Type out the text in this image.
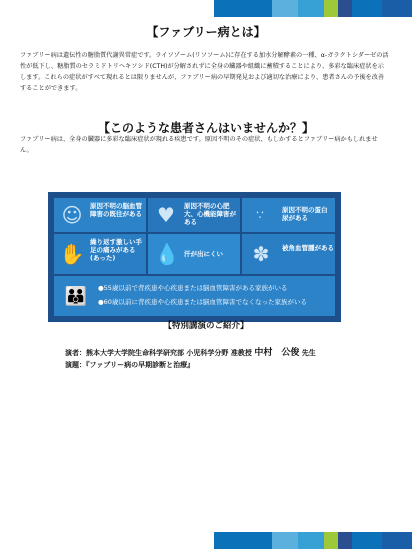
【ファブリー病とは】
ファブリー病は遺伝性の糖脂質代謝異常症です。ライソゾーム(リソソーム)に存在する加水分解酵素の一種、α-ガラクトシダーゼの活性が低下し、糖脂質のセラミドトリヘキソシド(CTH)が分解されずに全身の臓器や組織に蓄積することにより、多彩な臨床症状を示します。これらの症状がすべて現れるとは限りませんが、ファブリー病の早期発見および適切な治療により、患者さんの予後を改善することができます。
【このような患者さんはいませんか？】
ファブリー病は、全身の臓器に多彩な臨床症状が現れる疾患です。原因不明のその症状、もしかするとファブリー病かもしれません。
☺	原因不明の脳血管障害の既往がある ♥	原因不明の心肥大、心機能障害がある	∵	原因不明の蛋白尿がある
✋ 繰り返す激しい手足の痛みがある(あった)	💧 汗が出にくい	✽	被角血管腫がある
👪	●55歳以前で背疾患や心疾患または脳血管障害がある家族がいる
●60歳以前に背疾患や心疾患または脳血管障害でなくなった家族がいる
【特別講演のご紹介】
演者：熊本大学大学院生命科学研究部 小児科学分野 准教授 中村　公俊 先生
演題：『ファブリー病の早期診断と治療』
